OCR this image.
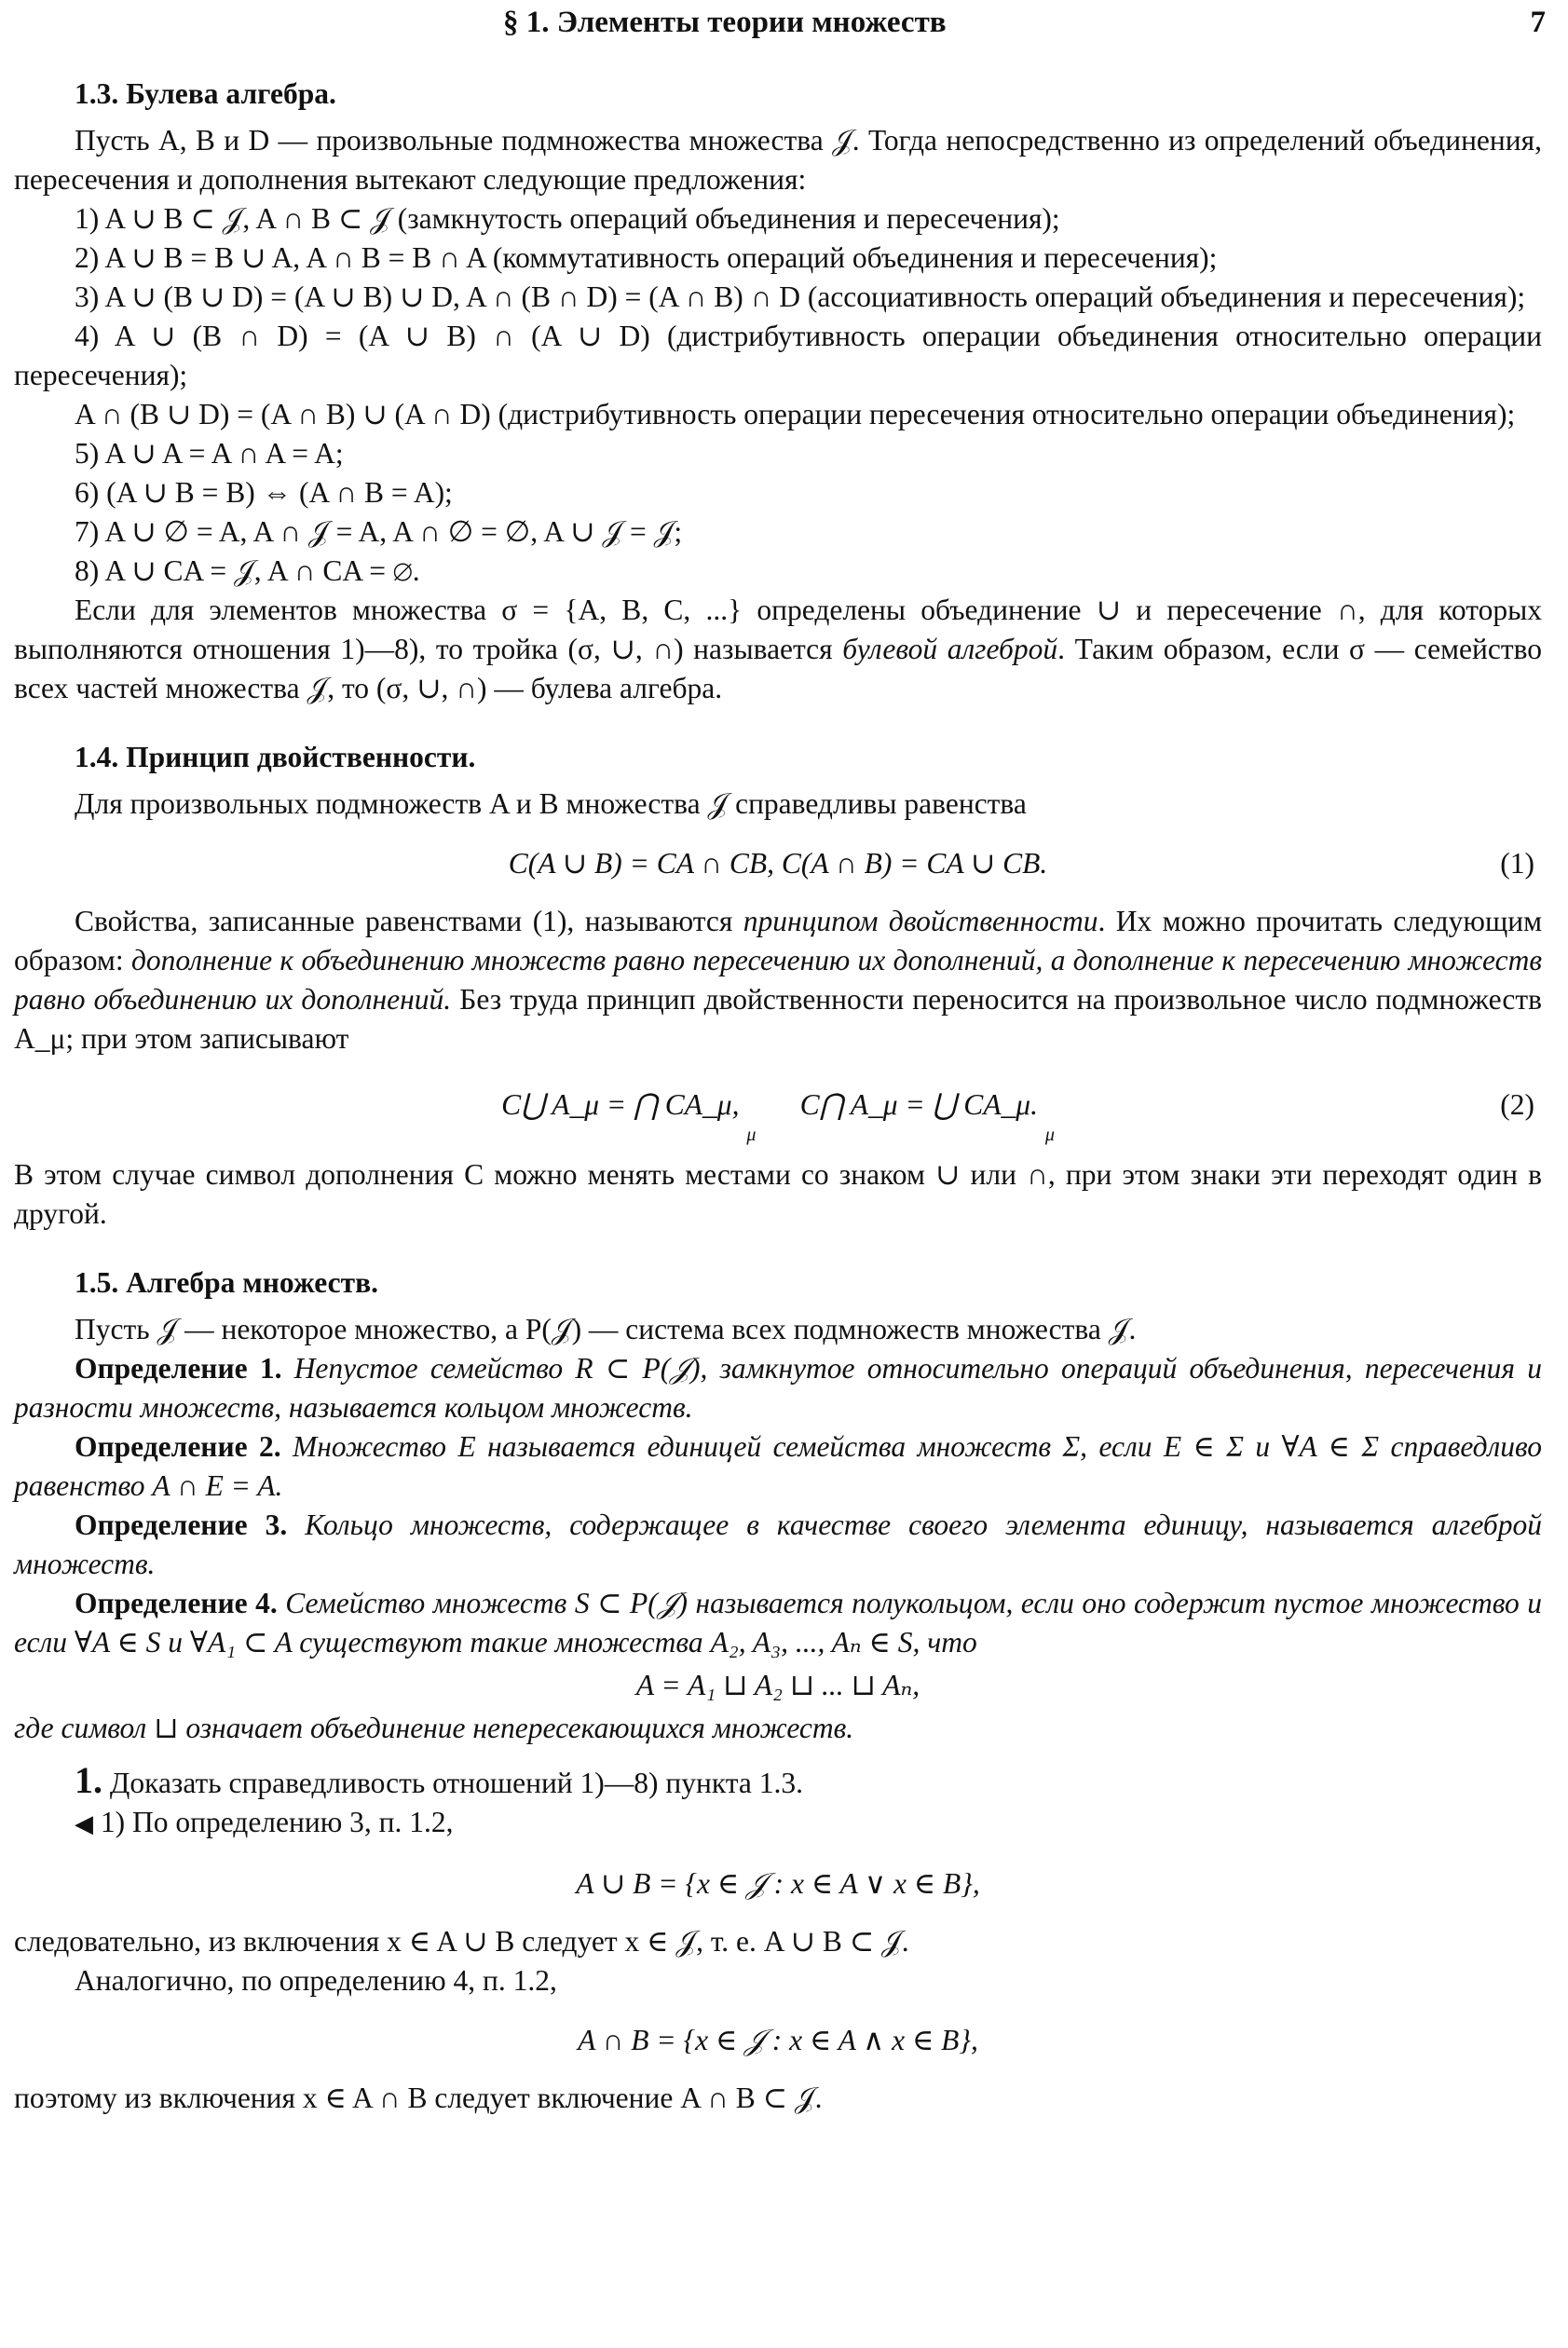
§ 1. Элементы теории множеств	7
1.3. Булева алгебра.

Пусть A, B и D — произвольные подмножества множества 𝒥. Тогда непосредственно из определений объединения, пересечения и дополнения вытекают следующие предложения:

1) A ∪ B ⊂ 𝒥, A ∩ B ⊂ 𝒥 (замкнутость операций объединения и пересечения);

2) A ∪ B = B ∪ A, A ∩ B = B ∩ A (коммутативность операций объединения и пересечения);

3) A ∪ (B ∪ D) = (A ∪ B) ∪ D, A ∩ (B ∩ D) = (A ∩ B) ∩ D (ассоциативность операций объединения и пересечения);

4) A ∪ (B ∩ D) = (A ∪ B) ∩ (A ∪ D) (дистрибутивность операции объединения относительно операции пересечения);

A ∩ (B ∪ D) = (A ∩ B) ∪ (A ∩ D) (дистрибутивность операции пересечения относительно операции объединения);

5) A ∪ A = A ∩ A = A;

6) (A ∪ B = B) ⇔ (A ∩ B = A);

7) A ∪ ∅ = A, A ∩ 𝒥 = A, A ∩ ∅ = ∅, A ∪ 𝒥 = 𝒥;

8) A ∪ CA = 𝒥, A ∩ CA = ∅.

Если для элементов множества σ = {A, B, C, ...} определены объединение ∪ и пересечение ∩, для которых выполняются отношения 1)—8), то тройка (σ, ∪, ∩) называется булевой алгеброй. Таким образом, если σ — семейство всех частей множества 𝒥, то (σ, ∪, ∩) — булева алгебра.

1.4. Принцип двойственности.

Для произвольных подмножеств A и B множества 𝒥 справедливы равенства

C(A ∪ B) = CA ∩ CB, C(A ∩ B) = CA ∪ CB.	(1)

Свойства, записанные равенствами (1), называются принципом двойственности. Их можно прочитать следующим образом: дополнение к объединению множеств равно пересечению их дополнений, а дополнение к пересечению множеств равно объединению их дополнений. Без труда принцип двойственности переносится на произвольное число подмножеств A_μ; при этом записывают

C⋃ A_μ = ⋂ CA_μ, $_\mu$      C⋂ A_μ = ⋃ CA_μ. $_\mu$
(2)

В этом случае символ дополнения C можно менять местами со знаком ∪ или ∩, при этом знаки эти переходят один в другой.

1.5. Алгебра множеств.

Пусть 𝒥 — некоторое множество, а P(𝒥) — система всех подмножеств множества 𝒥.

Определение 1. Непустое семейство R ⊂ P(𝒥), замкнутое относительно операций объединения, пересечения и разности множеств, называется кольцом множеств.

Определение 2. Множество E называется единицей семейства множеств Σ, если E ∈ Σ и ∀A ∈ Σ справедливо равенство A ∩ E = A.

Определение 3. Кольцо множеств, содержащее в качестве своего элемента единицу, называется алгеброй множеств.

Определение 4. Семейство множеств S ⊂ P(𝒥) называется полукольцом, если оно содержит пустое множество и если ∀A ∈ S и ∀A₁ ⊂ A существуют такие множества A₂, A₃, ..., Aₙ ∈ S, что

A = A₁ ⊔ A₂ ⊔ ... ⊔ Aₙ,

где символ ⊔ означает объединение непересекающихся множеств.

1. Доказать справедливость отношений 1)—8) пункта 1.3.

◀ 1) По определению 3, п. 1.2,

A ∪ B = {x ∈ 𝒥 : x ∈ A ∨ x ∈ B},

следовательно, из включения x ∈ A ∪ B следует x ∈ 𝒥, т. е. A ∪ B ⊂ 𝒥.

Аналогично, по определению 4, п. 1.2,

A ∩ B = {x ∈ 𝒥 : x ∈ A ∧ x ∈ B},

поэтому из включения x ∈ A ∩ B следует включение A ∩ B ⊂ 𝒥.
